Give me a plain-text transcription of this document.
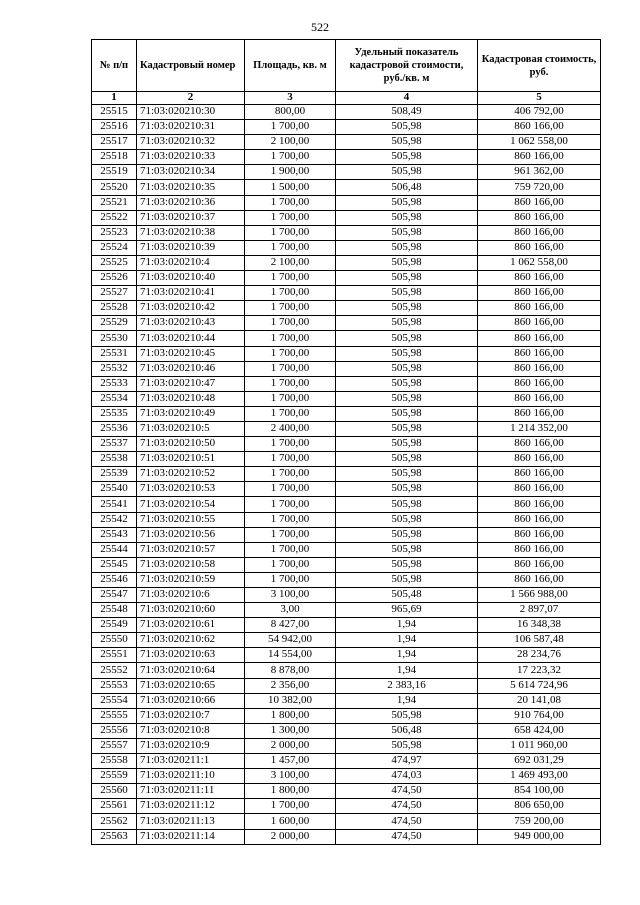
522
№ п/п	Кадастровый номер	Площадь, кв. м	Удельный показатель кадастровой стоимости, руб./кв. м	Кадастровая стоимость, руб.
1	2	3	4	5
25515	71:03:020210:30	800,00	508,49	406 792,00
25516	71:03:020210:31	1 700,00	505,98	860 166,00
25517	71:03:020210:32	2 100,00	505,98	1 062 558,00
25518	71:03:020210:33	1 700,00	505,98	860 166,00
25519	71:03:020210:34	1 900,00	505,98	961 362,00
25520	71:03:020210:35	1 500,00	506,48	759 720,00
25521	71:03:020210:36	1 700,00	505,98	860 166,00
25522	71:03:020210:37	1 700,00	505,98	860 166,00
25523	71:03:020210:38	1 700,00	505,98	860 166,00
25524	71:03:020210:39	1 700,00	505,98	860 166,00
25525	71:03:020210:4	2 100,00	505,98	1 062 558,00
25526	71:03:020210:40	1 700,00	505,98	860 166,00
25527	71:03:020210:41	1 700,00	505,98	860 166,00
25528	71:03:020210:42	1 700,00	505,98	860 166,00
25529	71:03:020210:43	1 700,00	505,98	860 166,00
25530	71:03:020210:44	1 700,00	505,98	860 166,00
25531	71:03:020210:45	1 700,00	505,98	860 166,00
25532	71:03:020210:46	1 700,00	505,98	860 166,00
25533	71:03:020210:47	1 700,00	505,98	860 166,00
25534	71:03:020210:48	1 700,00	505,98	860 166,00
25535	71:03:020210:49	1 700,00	505,98	860 166,00
25536	71:03:020210:5	2 400,00	505,98	1 214 352,00
25537	71:03:020210:50	1 700,00	505,98	860 166,00
25538	71:03:020210:51	1 700,00	505,98	860 166,00
25539	71:03:020210:52	1 700,00	505,98	860 166,00
25540	71:03:020210:53	1 700,00	505,98	860 166,00
25541	71:03:020210:54	1 700,00	505,98	860 166,00
25542	71:03:020210:55	1 700,00	505,98	860 166,00
25543	71:03:020210:56	1 700,00	505,98	860 166,00
25544	71:03:020210:57	1 700,00	505,98	860 166,00
25545	71:03:020210:58	1 700,00	505,98	860 166,00
25546	71:03:020210:59	1 700,00	505,98	860 166,00
25547	71:03:020210:6	3 100,00	505,48	1 566 988,00
25548	71:03:020210:60	3,00	965,69	2 897,07
25549	71:03:020210:61	8 427,00	1,94	16 348,38
25550	71:03:020210:62	54 942,00	1,94	106 587,48
25551	71:03:020210:63	14 554,00	1,94	28 234,76
25552	71:03:020210:64	8 878,00	1,94	17 223,32
25553	71:03:020210:65	2 356,00	2 383,16	5 614 724,96
25554	71:03:020210:66	10 382,00	1,94	20 141,08
25555	71:03:020210:7	1 800,00	505,98	910 764,00
25556	71:03:020210:8	1 300,00	506,48	658 424,00
25557	71:03:020210:9	2 000,00	505,98	1 011 960,00
25558	71:03:020211:1	1 457,00	474,97	692 031,29
25559	71:03:020211:10	3 100,00	474,03	1 469 493,00
25560	71:03:020211:11	1 800,00	474,50	854 100,00
25561	71:03:020211:12	1 700,00	474,50	806 650,00
25562	71:03:020211:13	1 600,00	474,50	759 200,00
25563	71:03:020211:14	2 000,00	474,50	949 000,00
